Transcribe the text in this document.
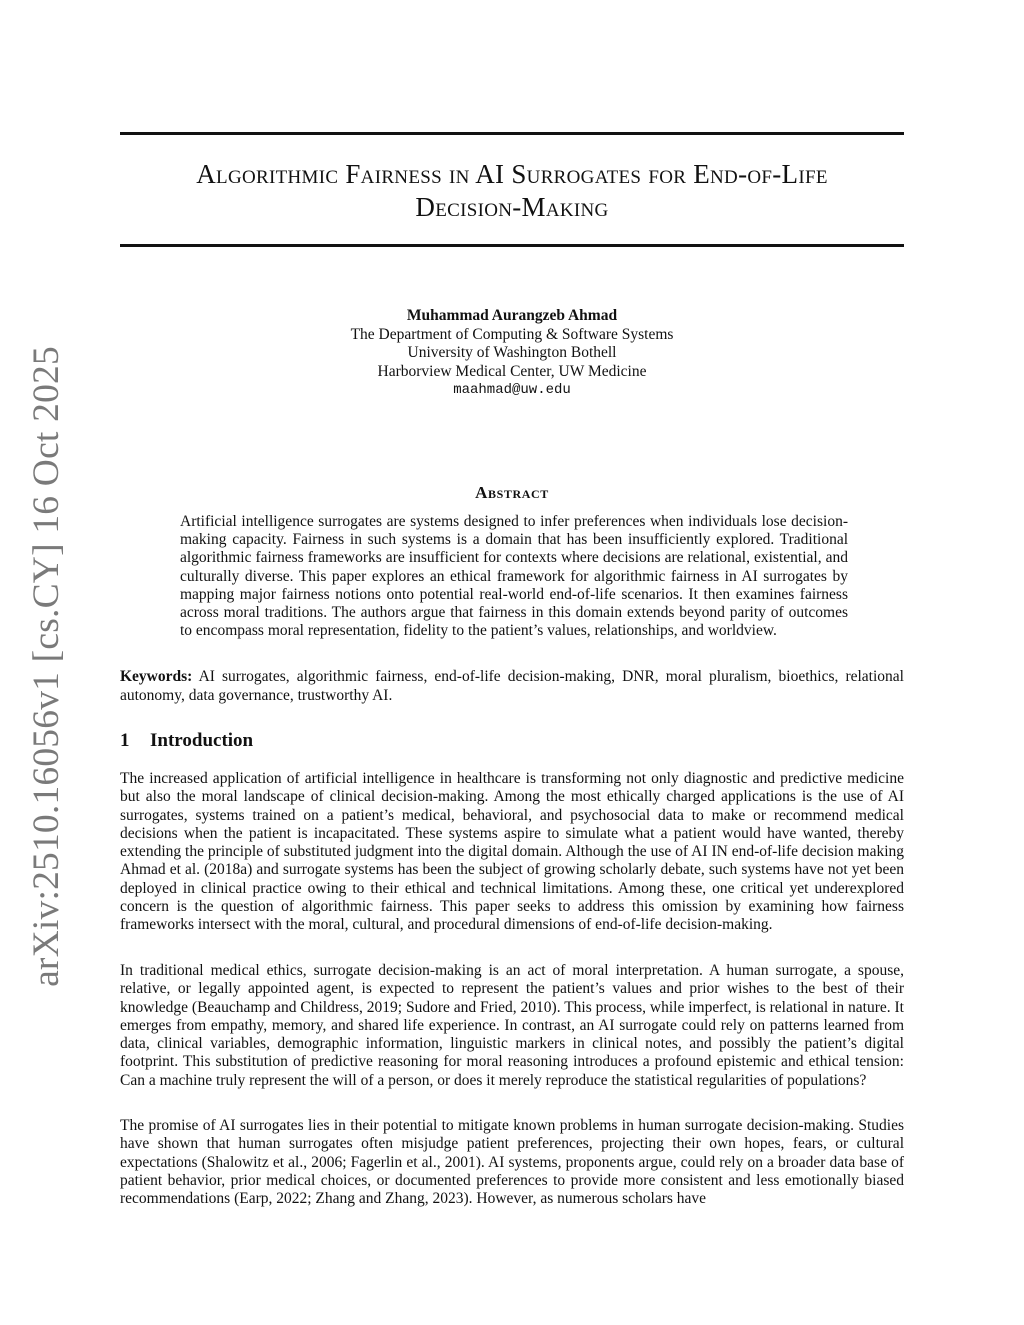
arXiv:2510.16056v1 [cs.CY] 16 Oct 2025
Algorithmic Fairness in AI Surrogates for End-of-Life
Decision-Making
Muhammad Aurangzeb Ahmad
The Department of Computing & Software Systems
University of Washington Bothell
Harborview Medical Center, UW Medicine
maahmad@uw.edu
Abstract

Artificial intelligence surrogates are systems designed to infer preferences when individuals lose decision-making capacity. Fairness in such systems is a domain that has been insufficiently explored. Traditional algorithmic fairness frameworks are insufficient for contexts where decisions are relational, existential, and culturally diverse. This paper explores an ethical framework for algorithmic fairness in AI surrogates by mapping major fairness notions onto potential real-world end-of-life scenarios. It then examines fairness across moral traditions. The authors argue that fairness in this domain extends beyond parity of outcomes to encompass moral representation, fidelity to the patient’s values, relationships, and worldview.

Keywords: AI surrogates, algorithmic fairness, end-of-life decision-making, DNR, moral pluralism, bioethics, relational autonomy, data governance, trustworthy AI.

1 Introduction

The increased application of artificial intelligence in healthcare is transforming not only diagnostic and predictive medicine but also the moral landscape of clinical decision-making. Among the most ethically charged applications is the use of AI surrogates, systems trained on a patient’s medical, behavioral, and psychosocial data to make or recommend medical decisions when the patient is incapacitated. These systems aspire to simulate what a patient would have wanted, thereby extending the principle of substituted judgment into the digital domain. Although the use of AI IN end-of-life decision making Ahmad et al. (2018a) and surrogate systems has been the subject of growing scholarly debate, such systems have not yet been deployed in clinical practice owing to their ethical and technical limitations. Among these, one critical yet underexplored concern is the question of algorithmic fairness. This paper seeks to address this omission by examining how fairness frameworks intersect with the moral, cultural, and procedural dimensions of end-of-life decision-making.

In traditional medical ethics, surrogate decision-making is an act of moral interpretation. A human surrogate, a spouse, relative, or legally appointed agent, is expected to represent the patient’s values and prior wishes to the best of their knowledge (Beauchamp and Childress, 2019; Sudore and Fried, 2010). This process, while imperfect, is relational in nature. It emerges from empathy, memory, and shared life experience. In contrast, an AI surrogate could rely on patterns learned from data, clinical variables, demographic information, linguistic markers in clinical notes, and possibly the patient’s digital footprint. This substitution of predictive reasoning for moral reasoning introduces a profound epistemic and ethical tension: Can a machine truly represent the will of a person, or does it merely reproduce the statistical regularities of populations?

The promise of AI surrogates lies in their potential to mitigate known problems in human surrogate decision-making. Studies have shown that human surrogates often misjudge patient preferences, projecting their own hopes, fears, or cultural expectations (Shalowitz et al., 2006; Fagerlin et al., 2001). AI systems, proponents argue, could rely on a broader data base of patient behavior, prior medical choices, or documented preferences to provide more consistent and less emotionally biased recommendations (Earp, 2022; Zhang and Zhang, 2023). However, as numerous scholars have
